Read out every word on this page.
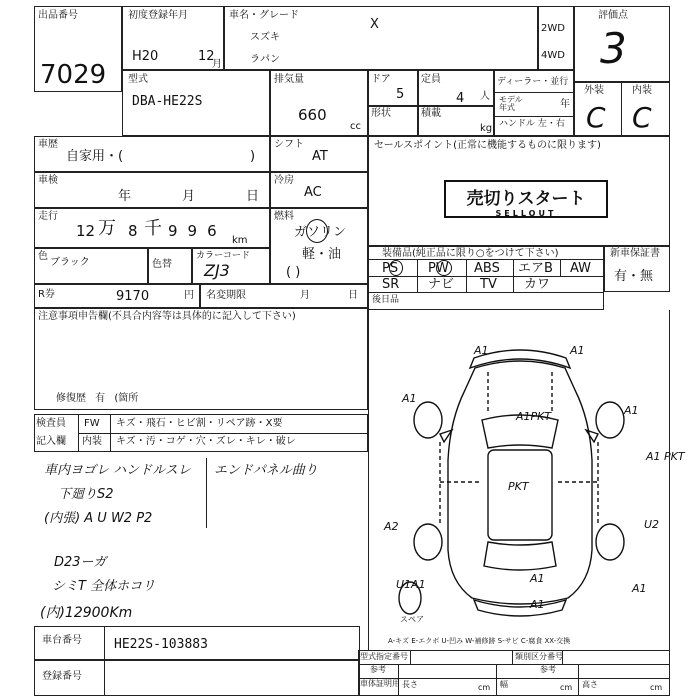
出品番号
7029
初度登録年月
H20	12
月
車名・グレード
X
スズキ
ラパン
2WD
4WD
評価点
3
外装	内装
C C
型式
DBA-HE22S
排気量
660
cc
ドア
5
定員
4 人
形状	積載
kg
ディーラー・並行
モデル年式	年
ハンドル 左・右
車歴
自家用・(	)
シフト
AT
車検
年	月	日
冷房
AC
走行
12 万 8 千 996
km
燃料
ガソリン
軽・油
( )
色
ブラック	色替
カラーコード
ZJ3
R券	9170	円 名変期限	月	日
注意事項申告欄(不具合内容等は具体的に記入して下さい)
修復歴 有 (箇所
検査員
記入欄
FW キズ・飛石・ヒビ割・リペア跡・X要
内装 キズ・汚・コゲ・穴・ズレ・キレ・破レ
車内ヨゴレ ハンドルスレ
下廻りS2
(内張) A U W2 P2
エンドパネル曲り
D23ーガ
シミT 全体ホコリ
(内)12900Km
車台番号 HE22S-103883
登録番号
セールスポイント(正常に機能するものに限ります)
売切りスタート
SELLOUT
装備品(純正品に限り○をつけて下さい)
PS PW ABS エアB AW
SR ナビ TV カワ
後日品
新車保証書
有・無
A1	A1
A1
A1PKT	A1
PKT
A1 PKT
A2	U2
U1A1	A1
A1
A1
スペア
A-キズ E-エクボ U-凹み W-補修跡 S-サビ C-腐食 XX-交換
型式指定番号	類別区分番号
参考	参考
車体証明用 長さ	cm 幅	cm 高さ	cm
